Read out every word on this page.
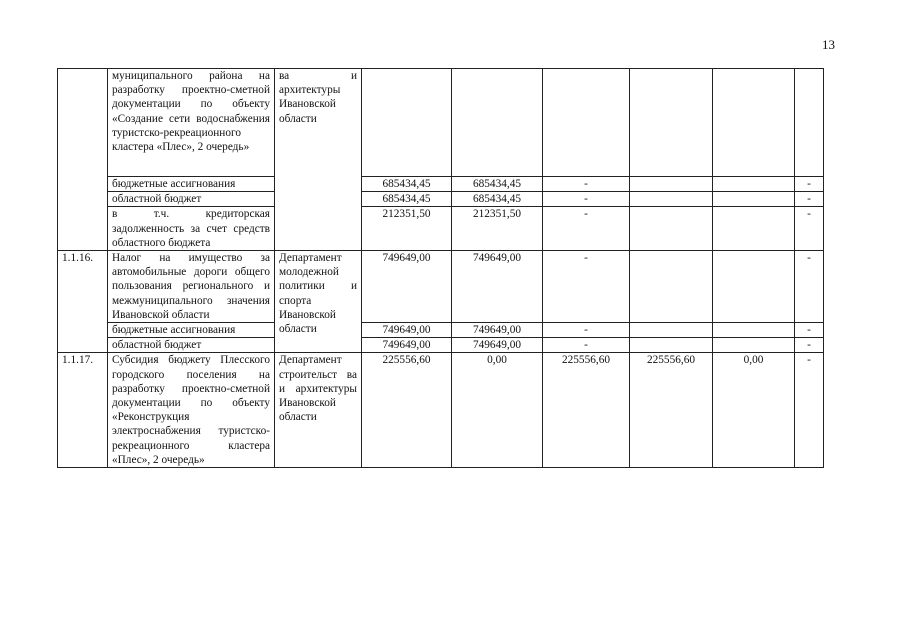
13
	муниципального района на разработку проектно-сметной документации по объекту «Создание сети водоснабжения туристско-рекреационного кластера «Плес», 2 очередь»	ва и архитектуры Ивановской области						
	бюджетные ассигнования		685434,45	685434,45	-			-
	областной бюджет		685434,45	685434,45	-			-
	в т.ч. кредиторская задолженность за счет средств областного бюджета		212351,50	212351,50	-			-
1.1.16.	Налог на имущество за автомобильные дороги общего пользования регионального и межмуниципального значения Ивановской области	Департамент молодежной политики и спорта Ивановской области	749649,00	749649,00	-			-
	бюджетные ассигнования		749649,00	749649,00	-			-
	областной бюджет		749649,00	749649,00	-			-
1.1.17.	Субсидия бюджету Плесского городского поселения на разработку проектно-сметной документации по объекту «Реконструкция электроснабжения туристско-рекреационного кластера «Плес», 2 очередь»	Департамент строительст ва и архитектуры Ивановской области	225556,60	0,00	225556,60	225556,60	0,00	-
